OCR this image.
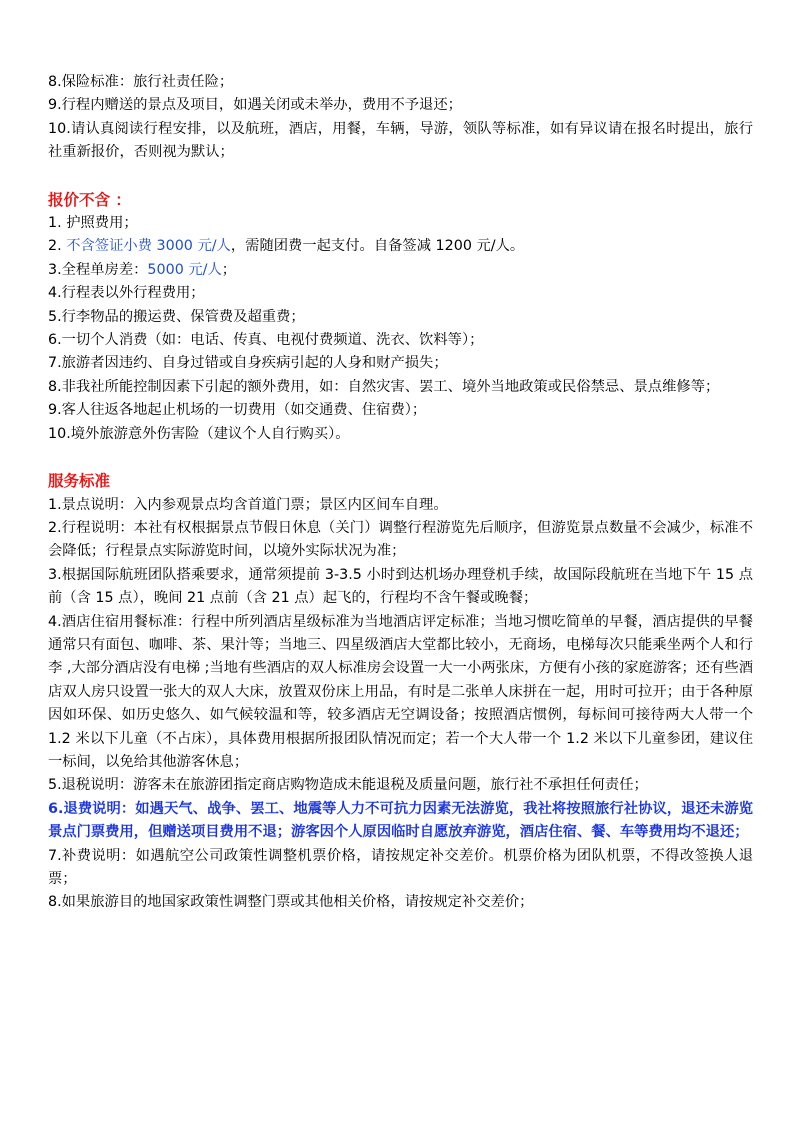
8.保险标准：旅行社责任险；
9.行程内赠送的景点及项目，如遇关闭或未举办，费用不予退还；
10.请认真阅读行程安排，以及航班，酒店，用餐，车辆，导游，领队等标准，如有异议请在报名时提出，旅行社重新报价，否则视为默认；
报价不含 ：
1. 护照费用；
2. 不含签证小费 3000 元/人，需随团费一起支付。自备签减 1200 元/人。
3.全程单房差：5000 元/人；
4.行程表以外行程费用；
5.行李物品的搬运费、保管费及超重费；
6.一切个人消费（如：电话、传真、电视付费频道、洗衣、饮料等）；
7.旅游者因违约、自身过错或自身疾病引起的人身和财产损失；
8.非我社所能控制因素下引起的额外费用，如：自然灾害、罢工、境外当地政策或民俗禁忌、景点维修等；
9.客人往返各地起止机场的一切费用（如交通费、住宿费）；
10.境外旅游意外伤害险（建议个人自行购买）。
服务标准
1.景点说明：入内参观景点均含首道门票；景区内区间车自理。
2.行程说明：本社有权根据景点节假日休息（关门）调整行程游览先后顺序，但游览景点数量不会减少，标准不会降低；行程景点实际游览时间，以境外实际状况为准；
3.根据国际航班团队搭乘要求，通常须提前 3-3.5 小时到达机场办理登机手续，故国际段航班在当地下午 15 点前（含 15 点），晚间 21 点前（含 21 点）起飞的，行程均不含午餐或晚餐；
4.酒店住宿用餐标准：行程中所列酒店星级标准为当地酒店评定标准；当地习惯吃简单的早餐，酒店提供的早餐通常只有面包、咖啡、茶、果汁等；当地三、四星级酒店大堂都比较小，无商场，电梯每次只能乘坐两个人和行李 ,大部分酒店没有电梯 ;当地有些酒店的双人标准房会设置一大一小两张床，方便有小孩的家庭游客；还有些酒店双人房只设置一张大的双人大床，放置双份床上用品，有时是二张单人床拼在一起，用时可拉开；由于各种原因如环保、如历史悠久、如气候较温和等，较多酒店无空调设备；按照酒店惯例，每标间可接待两大人带一个 1.2 米以下儿童（不占床），具体费用根据所报团队情况而定；若一个大人带一个 1.2 米以下儿童参团，建议住一标间，以免给其他游客休息；
5.退税说明：游客未在旅游团指定商店购物造成未能退税及质量问题，旅行社不承担任何责任；
6.退费说明：如遇天气、战争、罢工、地震等人力不可抗力因素无法游览，我社将按照旅行社协议，退还未游览景点门票费用，但赠送项目费用不退；游客因个人原因临时自愿放弃游览，酒店住宿、餐、车等费用均不退还；
7.补费说明：如遇航空公司政策性调整机票价格，请按规定补交差价。机票价格为团队机票，不得改签换人退票；
8.如果旅游目的地国家政策性调整门票或其他相关价格，请按规定补交差价；
